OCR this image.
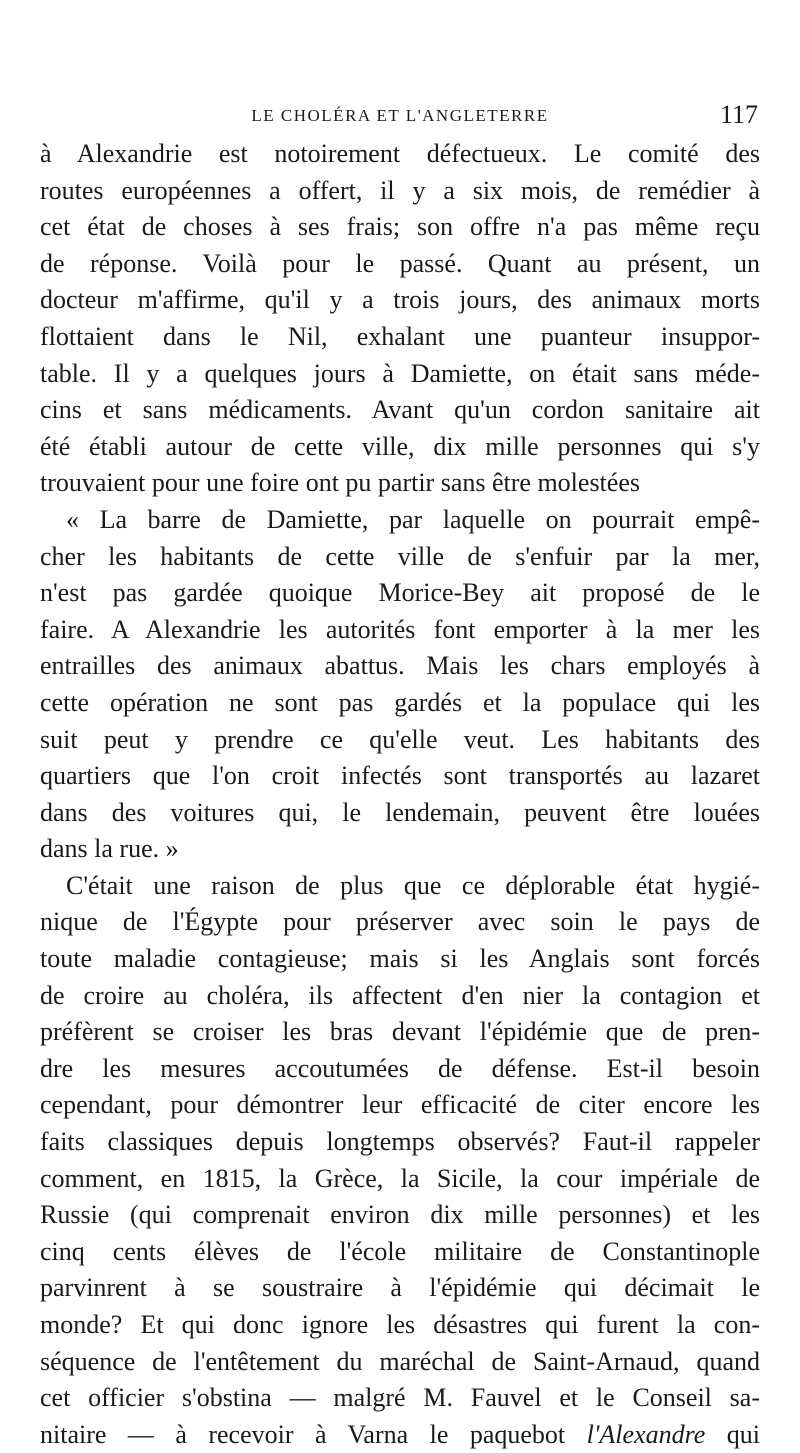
LE CHOLÉRA ET L'ANGLETERRE	117
à Alexandrie est notoirement défectueux. Le comité des
routes européennes a offert, il y a six mois, de remédier à
cet état de choses à ses frais; son offre n'a pas même reçu
de réponse. Voilà pour le passé. Quant au présent, un
docteur m'affirme, qu'il y a trois jours, des animaux morts
flottaient dans le Nil, exhalant une puanteur insuppor-
table. Il y a quelques jours à Damiette, on était sans méde-
cins et sans médicaments. Avant qu'un cordon sanitaire ait
été établi autour de cette ville, dix mille personnes qui s'y
trouvaient pour une foire ont pu partir sans être molestées
« La barre de Damiette, par laquelle on pourrait empê-
cher les habitants de cette ville de s'enfuir par la mer,
n'est pas gardée quoique Morice-Bey ait proposé de le
faire. A Alexandrie les autorités font emporter à la mer les
entrailles des animaux abattus. Mais les chars employés à
cette opération ne sont pas gardés et la populace qui les
suit peut y prendre ce qu'elle veut. Les habitants des
quartiers que l'on croit infectés sont transportés au lazaret
dans des voitures qui, le lendemain, peuvent être louées
dans la rue. »
C'était une raison de plus que ce déplorable état hygié-
nique de l'Égypte pour préserver avec soin le pays de
toute maladie contagieuse; mais si les Anglais sont forcés
de croire au choléra, ils affectent d'en nier la contagion et
préfèrent se croiser les bras devant l'épidémie que de pren-
dre les mesures accoutumées de défense. Est-il besoin
cependant, pour démontrer leur efficacité de citer encore les
faits classiques depuis longtemps observés? Faut-il rappeler
comment, en 1815, la Grèce, la Sicile, la cour impériale de
Russie (qui comprenait environ dix mille personnes) et les
cinq cents élèves de l'école militaire de Constantinople
parvinrent à se soustraire à l'épidémie qui décimait le
monde? Et qui donc ignore les désastres qui furent la con-
séquence de l'entêtement du maréchal de Saint-Arnaud, quand
cet officier s'obstina — malgré M. Fauvel et le Conseil sa-
nitaire — à recevoir à Varna le paquebot l'Alexandre qui
